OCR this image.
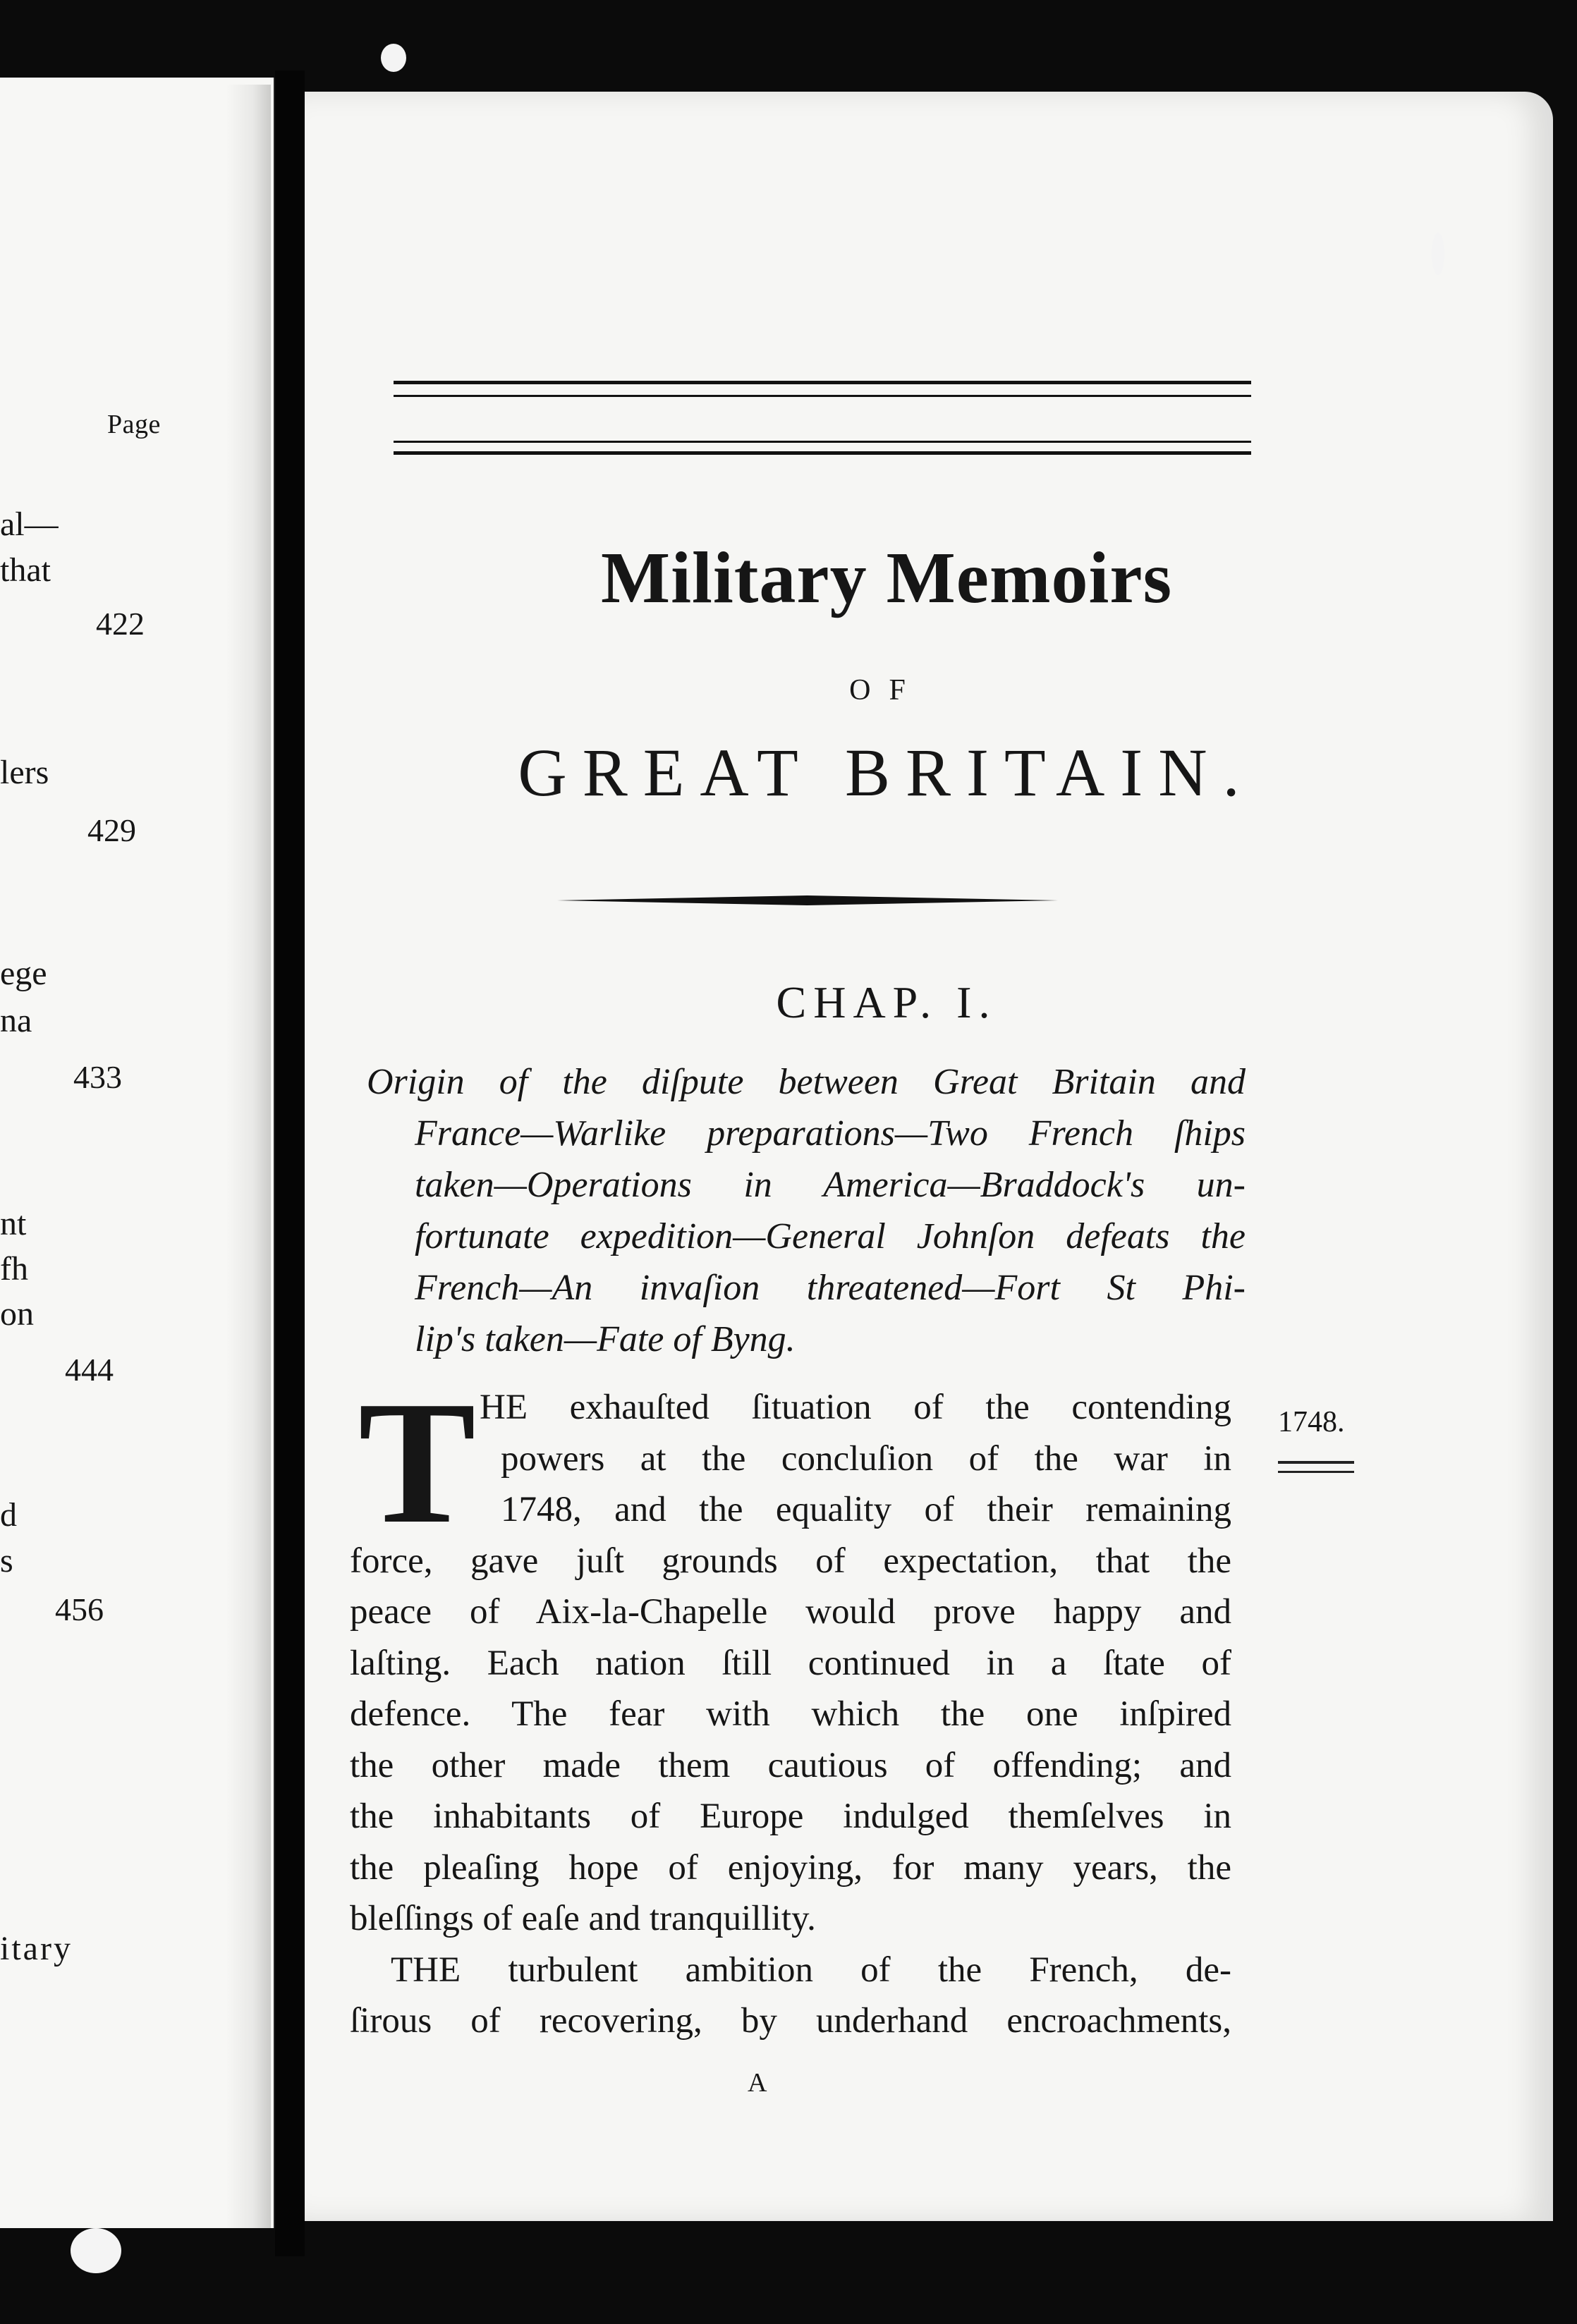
Page
al—
that
422
lers
429
ege
na
433
nt
fh
on
444
d
s
456
itary
Military Memoirs
OF
GREAT BRITAIN.
CHAP. I.
Origin of the diſpute between Great Britain and
France—Warlike preparations—Two French ſhips
taken—Operations in America—Braddock's un-
fortunate expedition—General Johnſon defeats the
French—An invaſion threatened—Fort St Phi-
lip's taken—Fate of Byng.
T HE exhauſted ſituation of the contending
powers at the concluſion of the war in
1748, and the equality of their remaining
force, gave juſt grounds of expectation, that the
peace of Aix-la-Chapelle would prove happy and
laſting. Each nation ſtill continued in a ſtate of
defence. The fear with which the one inſpired
the other made them cautious of offending; and
the inhabitants of Europe indulged themſelves in
the pleaſing hope of enjoying, for many years, the
bleſſings of eaſe and tranquillity.
THE turbulent ambition of the French, de-
ſirous of recovering, by underhand encroachments,
1748.
A
